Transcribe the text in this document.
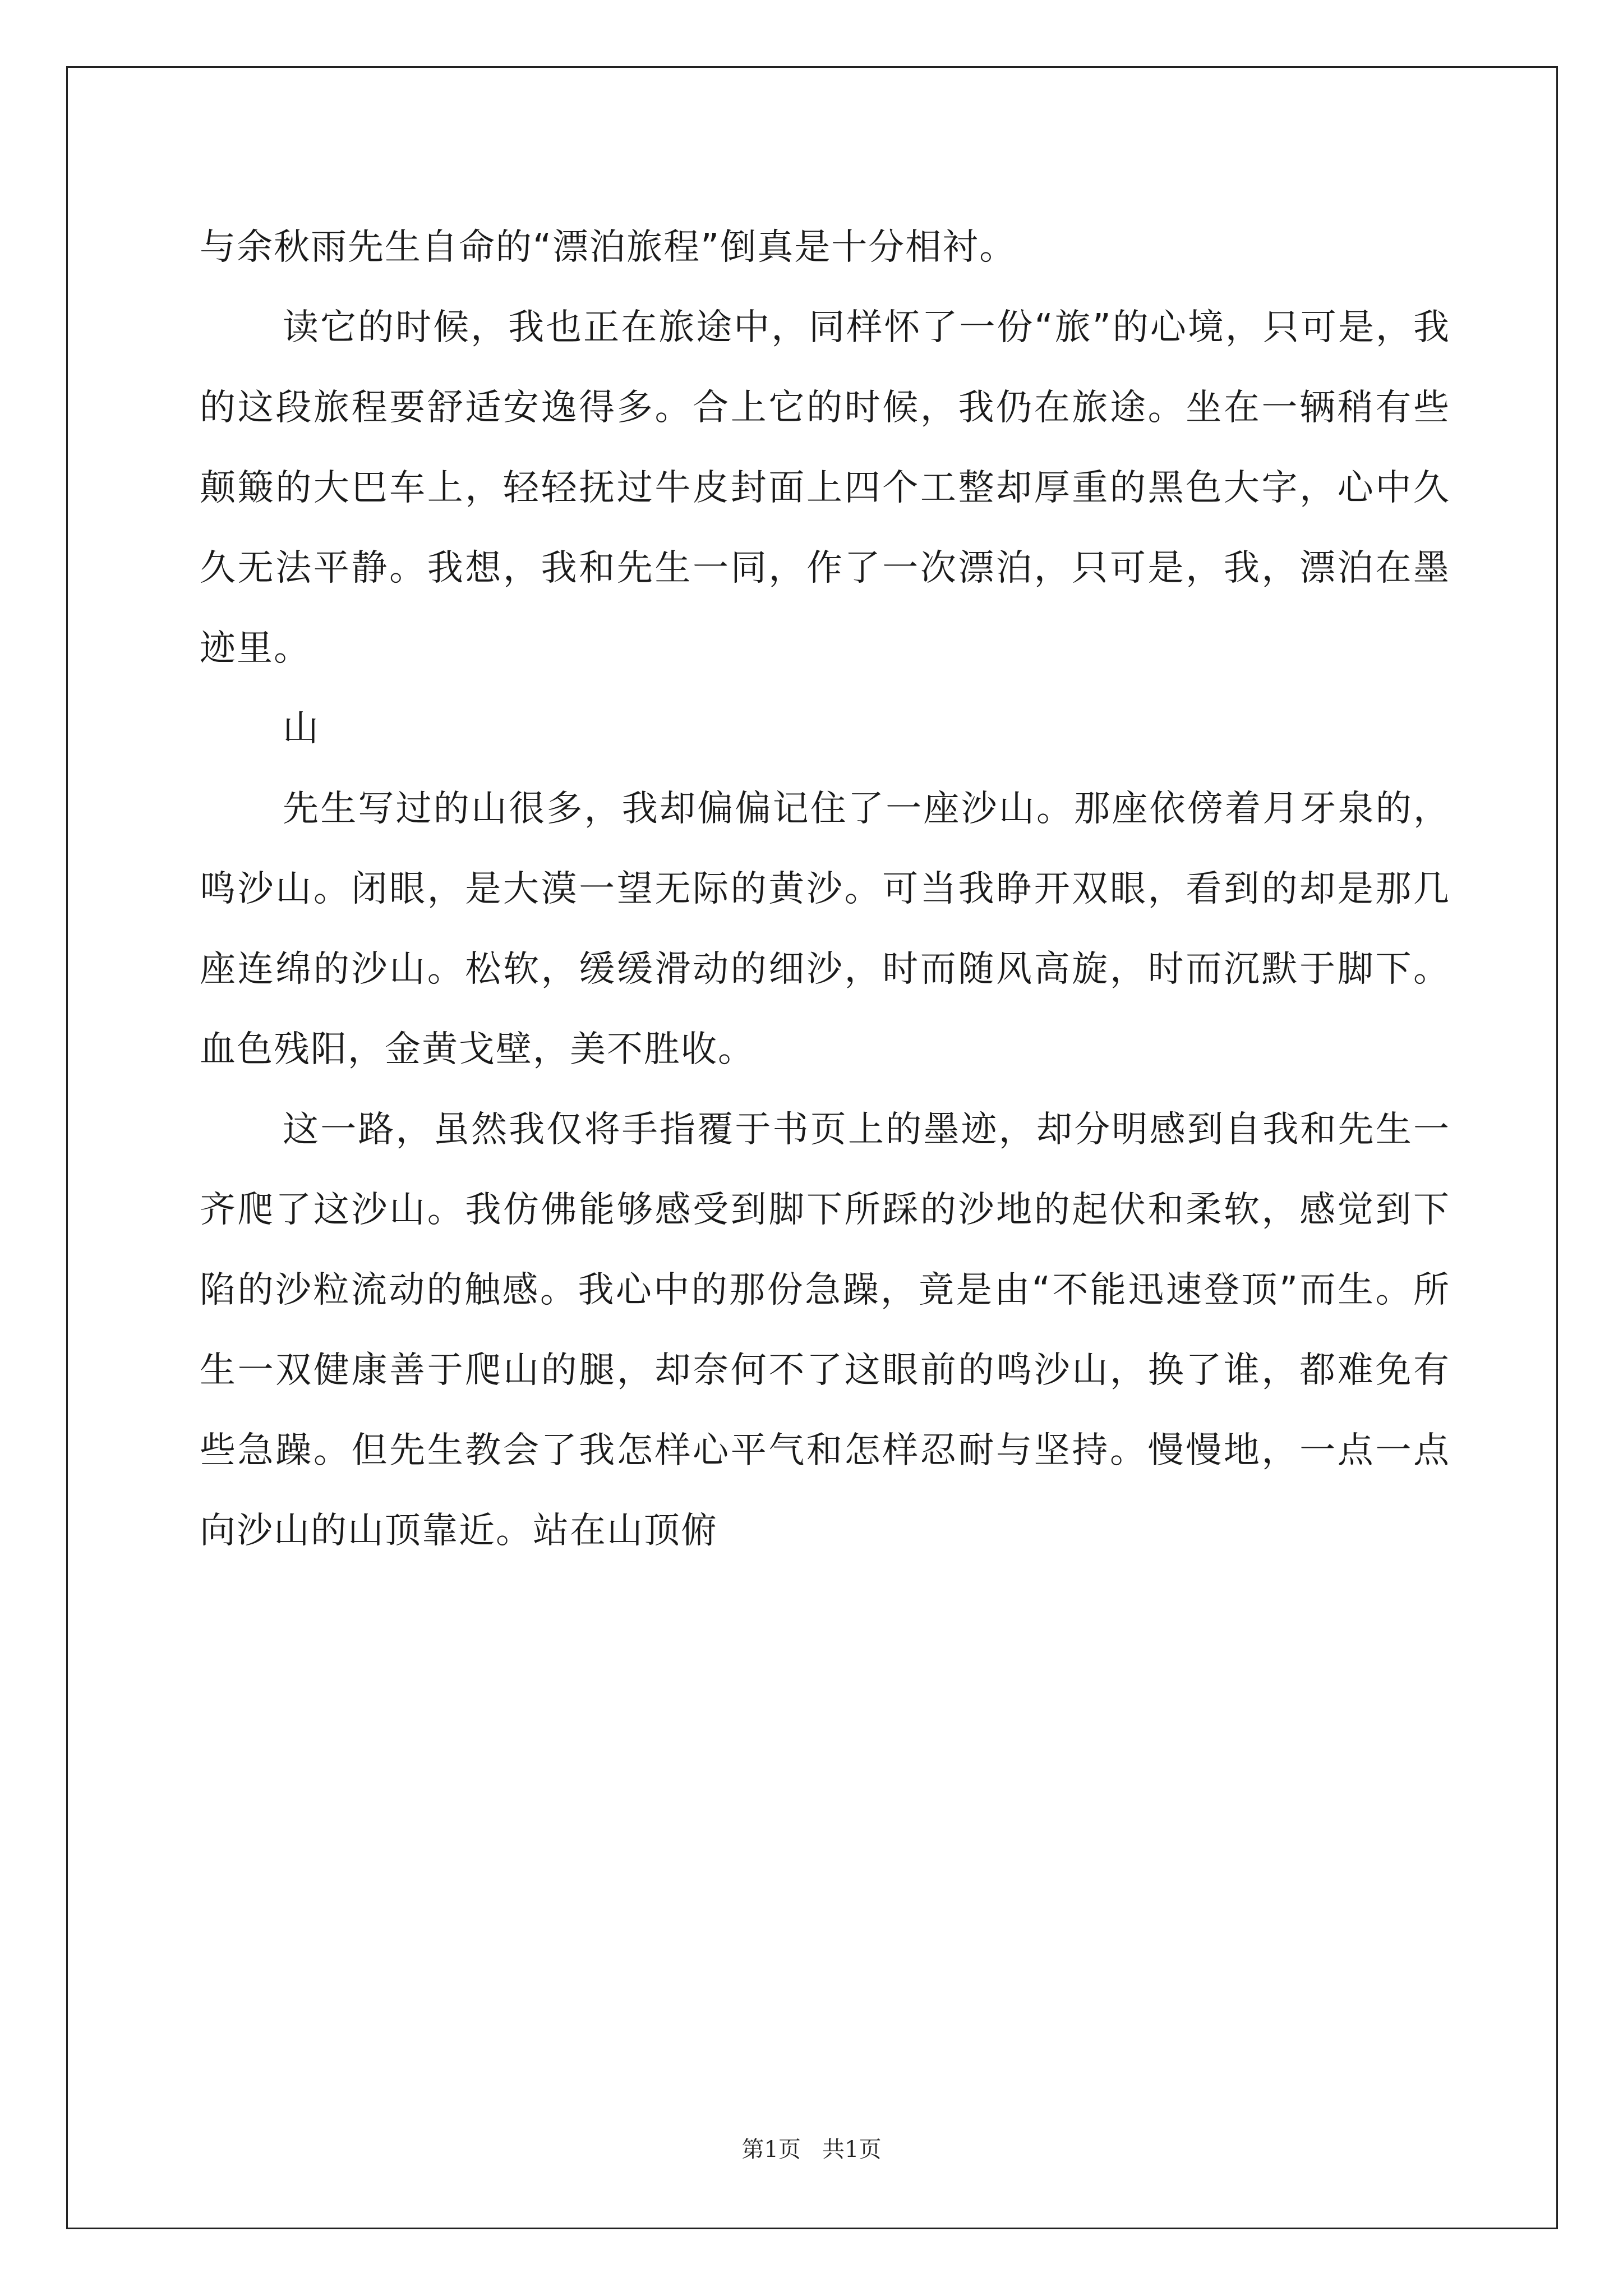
与余秋雨先生自命的“漂泊旅程”倒真是十分相衬。

读它的时候，我也正在旅途中，同样怀了一份“旅”的心境，只可是，我的这段旅程要舒适安逸得多。合上它的时候，我仍在旅途。坐在一辆稍有些颠簸的大巴车上，轻轻抚过牛皮封面上四个工整却厚重的黑色大字，心中久久无法平静。我想，我和先生一同，作了一次漂泊，只可是，我，漂泊在墨迹里。

山

先生写过的山很多，我却偏偏记住了一座沙山。那座依傍着月牙泉的，鸣沙山。闭眼，是大漠一望无际的黄沙。可当我睁开双眼，看到的却是那几座连绵的沙山。松软，缓缓滑动的细沙，时而随风高旋，时而沉默于脚下。血色残阳，金黄戈壁，美不胜收。

这一路，虽然我仅将手指覆于书页上的墨迹，却分明感到自我和先生一齐爬了这沙山。我仿佛能够感受到脚下所踩的沙地的起伏和柔软，感觉到下陷的沙粒流动的触感。我心中的那份急躁，竟是由“不能迅速登顶”而生。所生一双健康善于爬山的腿，却奈何不了这眼前的鸣沙山，换了谁，都难免有些急躁。但先生教会了我怎样心平气和怎样忍耐与坚持。慢慢地，一点一点向沙山的山顶靠近。站在山顶俯

第1页   共1页
